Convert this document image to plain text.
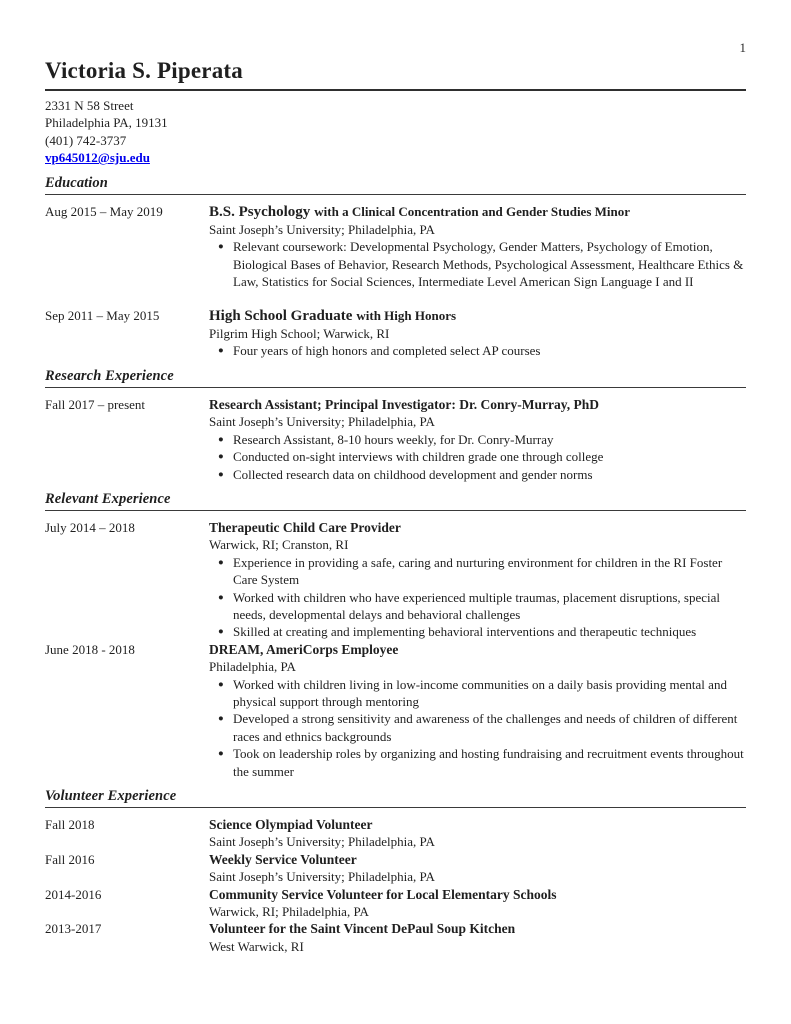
1
Victoria S. Piperata
2331 N 58 Street
Philadelphia PA, 19131
(401) 742-3737
vp645012@sju.edu
Education
Aug 2015 – May 2019	B.S. Psychology with a Clinical Concentration and Gender Studies Minor
Saint Joseph’s University; Philadelphia, PA
● Relevant coursework: Developmental Psychology, Gender Matters, Psychology of Emotion, Biological Bases of Behavior, Research Methods, Psychological Assessment, Healthcare Ethics & Law, Statistics for Social Sciences, Intermediate Level American Sign Language I and II
Sep 2011 – May 2015	High School Graduate with High Honors
Pilgrim High School; Warwick, RI
● Four years of high honors and completed select AP courses
Research Experience
Fall 2017 – present	Research Assistant; Principal Investigator: Dr. Conry-Murray, PhD
Saint Joseph’s University; Philadelphia, PA
● Research Assistant, 8-10 hours weekly, for Dr. Conry-Murray
● Conducted on-sight interviews with children grade one through college
● Collected research data on childhood development and gender norms
Relevant Experience
July 2014 – 2018	Therapeutic Child Care Provider
Warwick, RI; Cranston, RI
● Experience in providing a safe, caring and nurturing environment for children in the RI Foster Care System
● Worked with children who have experienced multiple traumas, placement disruptions, special needs, developmental delays and behavioral challenges
● Skilled at creating and implementing behavioral interventions and therapeutic techniques
June 2018 - 2018	DREAM, AmeriCorps Employee
Philadelphia, PA
● Worked with children living in low-income communities on a daily basis providing mental and physical support through mentoring
● Developed a strong sensitivity and awareness of the challenges and needs of children of different races and ethnics backgrounds
● Took on leadership roles by organizing and hosting fundraising and recruitment events throughout the summer
Volunteer Experience
Fall 2018	Science Olympiad Volunteer
Saint Joseph’s University; Philadelphia, PA
Fall 2016	Weekly Service Volunteer
Saint Joseph’s University; Philadelphia, PA
2014-2016	Community Service Volunteer for Local Elementary Schools
Warwick, RI; Philadelphia, PA
2013-2017	Volunteer for the Saint Vincent DePaul Soup Kitchen
West Warwick, RI
